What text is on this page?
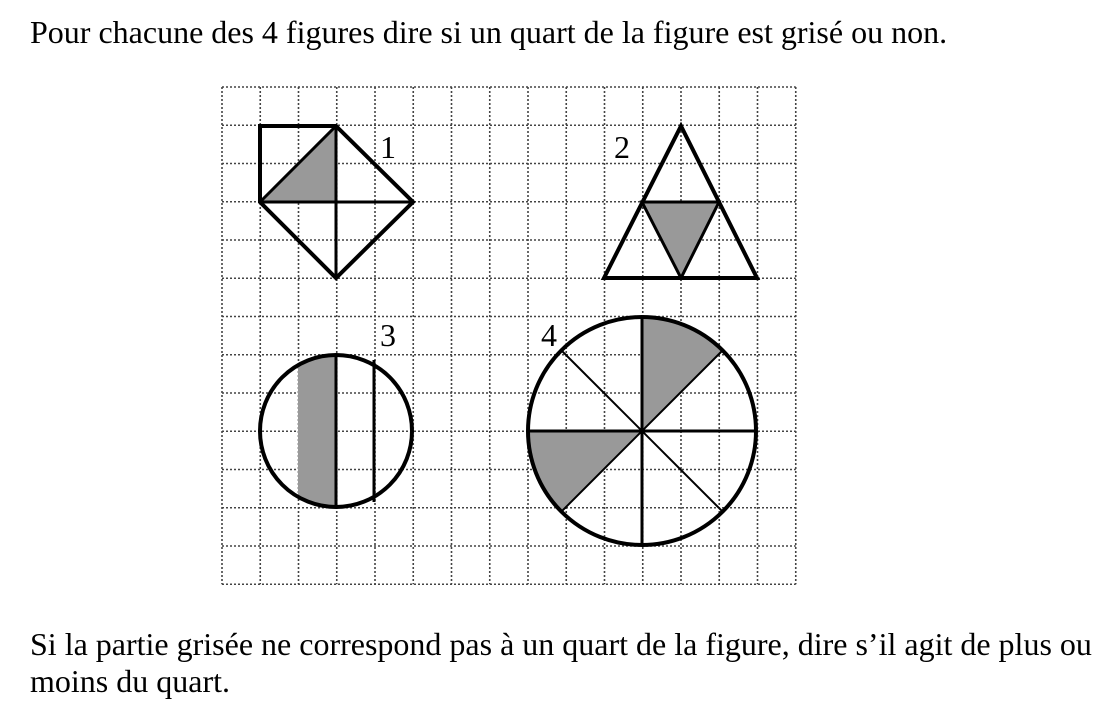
Pour chacune des 4 figures dire si un quart de la figure est grisé ou non.

1	2
3	4

Si la partie grisée ne correspond pas à un quart de la figure, dire s’il agit de plus ou moins du quart.
